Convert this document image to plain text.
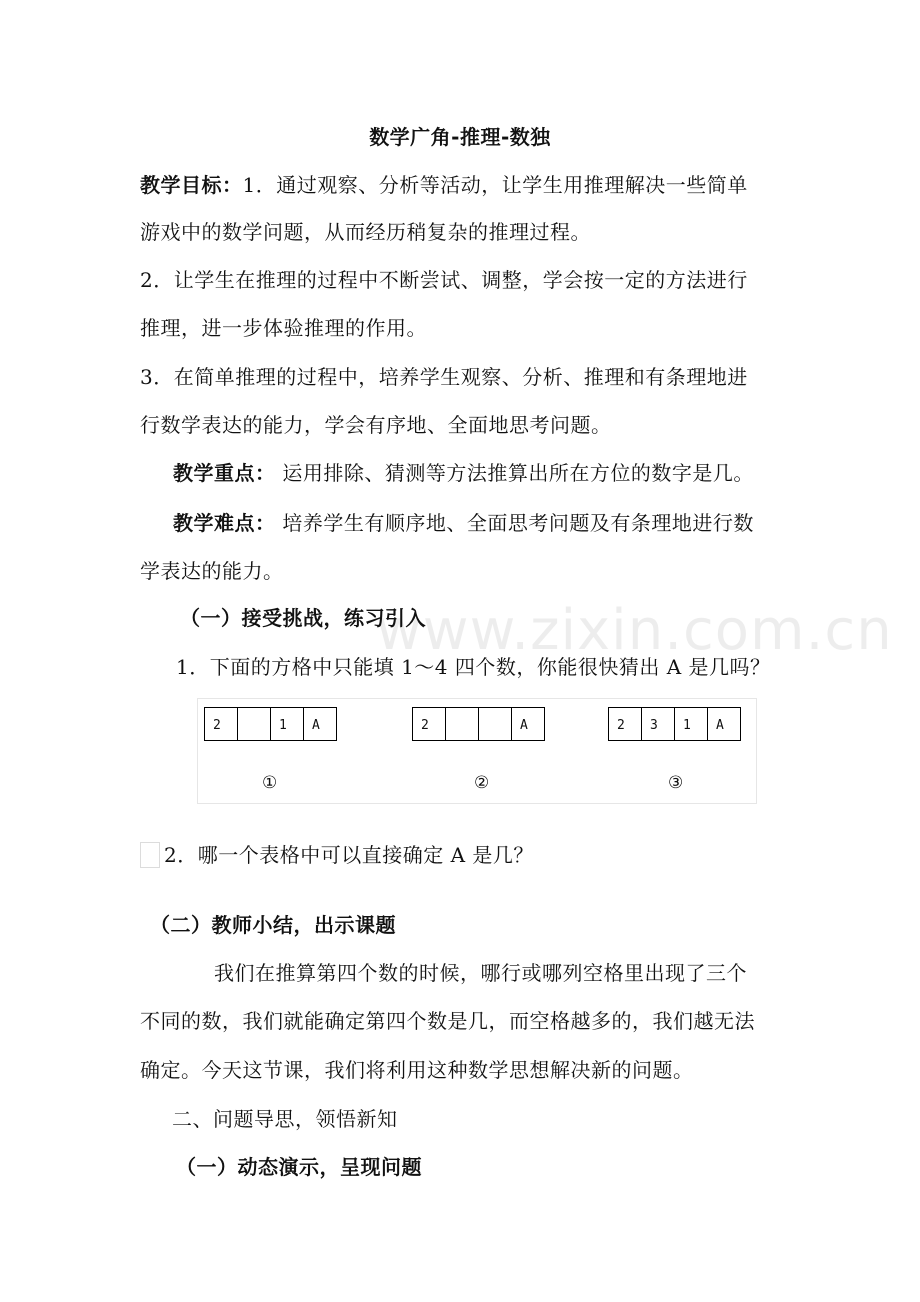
www.zixin.com.cn
数学广角-推理-数独
教学目标：1．通过观察、分析等活动，让学生用推理解决一些简单
游戏中的数学问题，从而经历稍复杂的推理过程。
2．让学生在推理的过程中不断尝试、调整，学会按一定的方法进行
推理，进一步体验推理的作用。
3．在简单推理的过程中，培养学生观察、分析、推理和有条理地进
行数学表达的能力，学会有序地、全面地思考问题。
教学重点： 运用排除、猜测等方法推算出所在方位的数字是几。
教学难点： 培养学生有顺序地、全面思考问题及有条理地进行数
学表达的能力。
（一）接受挑战，练习引入
1．下面的方格中只能填 1～4 四个数，你能很快猜出 A 是几吗？
2	1 A
①
2	A
②
2 3 1 A
③
2．哪一个表格中可以直接确定 A 是几？
（二）教师小结，出示课题
我们在推算第四个数的时候，哪行或哪列空格里出现了三个
不同的数，我们就能确定第四个数是几，而空格越多的，我们越无法
确定。今天这节课，我们将利用这种数学思想解决新的问题。
二、问题导思，领悟新知
（一）动态演示，呈现问题
